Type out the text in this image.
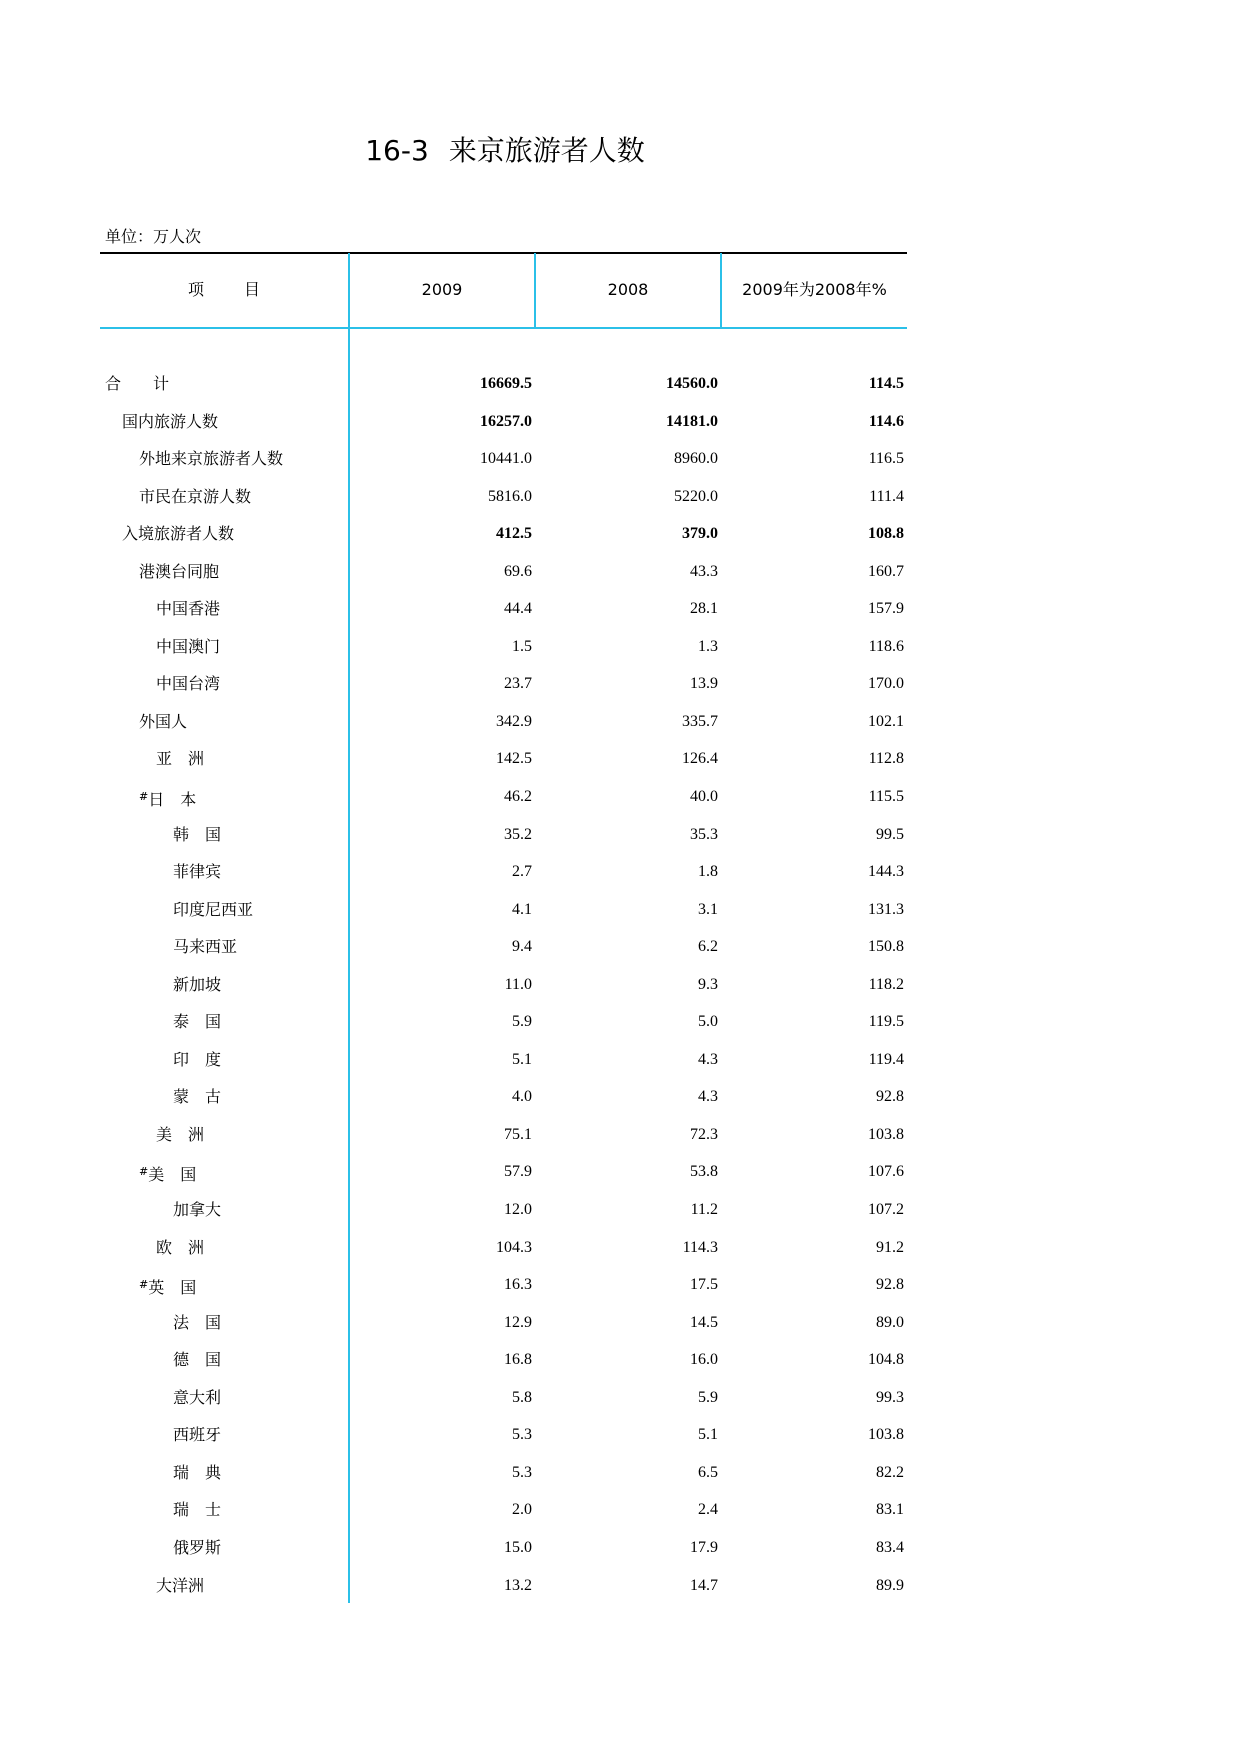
16-3 来京旅游者人数
单位：万人次
项目	2009	2008	2009年为2008年%
合　　计	16669.5	14560.0	114.5
国内旅游人数	16257.0	14181.0	114.6
外地来京旅游者人数	10441.0	8960.0	116.5
市民在京游人数	5816.0	5220.0	111.4
入境旅游者人数	412.5	379.0	108.8
港澳台同胞	69.6	43.3	160.7
中国香港	44.4	28.1	157.9
中国澳门	1.5	1.3	118.6
中国台湾	23.7	13.9	170.0
外国人	342.9	335.7	102.1
亚　洲	142.5	126.4	112.8
#日　本	46.2	40.0	115.5
韩　国	35.2	35.3	99.5
菲律宾	2.7	1.8	144.3
印度尼西亚	4.1	3.1	131.3
马来西亚	9.4	6.2	150.8
新加坡	11.0	9.3	118.2
泰　国	5.9	5.0	119.5
印　度	5.1	4.3	119.4
蒙　古	4.0	4.3	92.8
美　洲	75.1	72.3	103.8
#美　国	57.9	53.8	107.6
加拿大	12.0	11.2	107.2
欧　洲	104.3	114.3	91.2
#英　国	16.3	17.5	92.8
法　国	12.9	14.5	89.0
德　国	16.8	16.0	104.8
意大利	5.8	5.9	99.3
西班牙	5.3	5.1	103.8
瑞　典	5.3	6.5	82.2
瑞　士	2.0	2.4	83.1
俄罗斯	15.0	17.9	83.4
大洋洲	13.2	14.7	89.9
